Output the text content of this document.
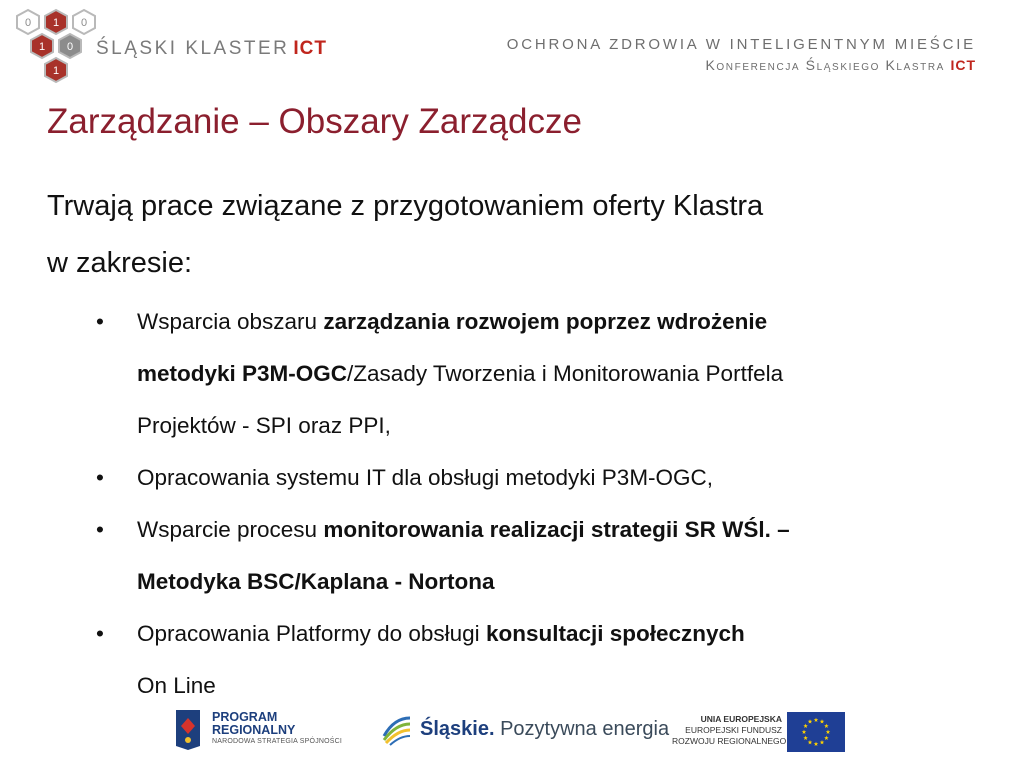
0 1 0
1 0
1
ŚLĄSKI KLASTER ICT	OCHRONA ZDROWIA W INTELIGENTNYM MIEŚCIE
Konferencja Śląskiego Klastra ICT
Zarządzanie – Obszary Zarządcze
Trwają prace związane z przygotowaniem oferty Klastra
w zakresie:
• Wsparcia obszaru zarządzania rozwojem poprzez wdrożenie
metodyki P3M-OGC/Zasady Tworzenia i Monitorowania Portfela
Projektów - SPI oraz PPI,
• Opracowania systemu IT dla obsługi metodyki P3M-OGC,
• Wsparcie procesu monitorowania realizacji strategii SR WŚl. –
Metodyka BSC/Kaplana - Nortona
• Opracowania Platformy do obsługi konsultacji społecznych
On Line
PROGRAM
REGIONALNY
NARODOWA STRATEGIA SPÓJNOŚCI
Śląskie. Pozytywna energia	UNIA EUROPEJSKA
EUROPEJSKI FUNDUSZ
ROZWOJU REGIONALNEGO
